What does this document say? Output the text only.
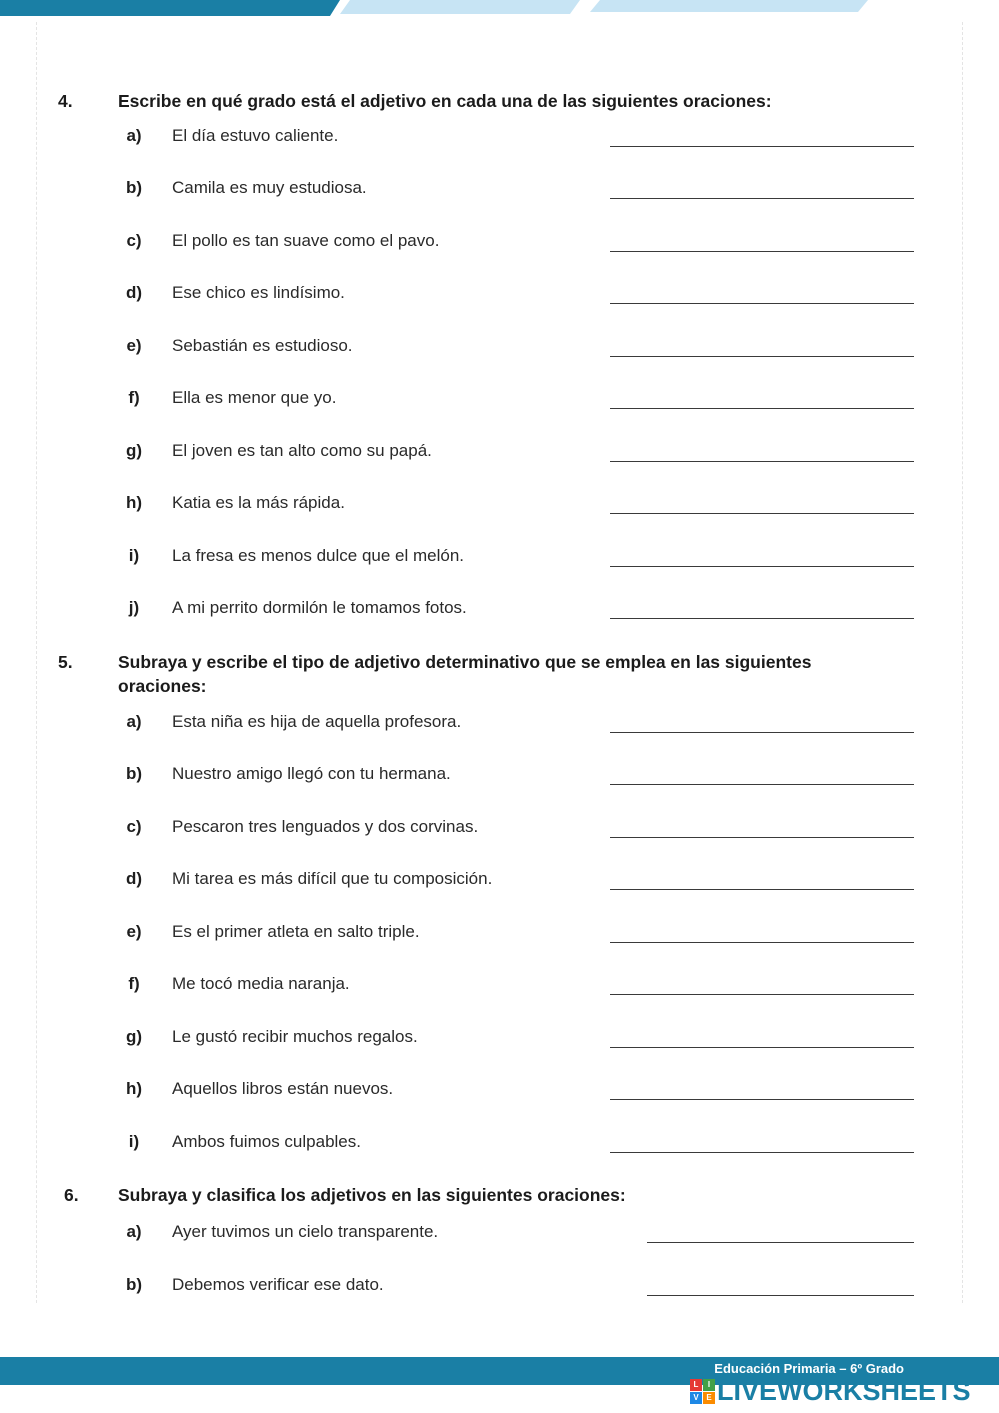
4.	Escribe en qué grado está el adjetivo en cada una de las siguientes oraciones:
a)	El día estuvo caliente.
b)	Camila es muy estudiosa.
c)	El pollo es tan suave como el pavo.
d)	Ese chico es lindísimo.
e)	Sebastián es estudioso.
f)	Ella es menor que yo.
g)	El joven es tan alto como su papá.
h)	Katia es la más rápida.
i)	La fresa es menos dulce que el melón.
j)	A mi perrito dormilón le tomamos fotos.
5.	Subraya y escribe el tipo de adjetivo determinativo que se emplea en las siguientes
oraciones:
a)	Esta niña es hija de aquella profesora.
b)	Nuestro amigo llegó con tu hermana.
c)	Pescaron tres lenguados y dos corvinas.
d)	Mi tarea es más difícil que tu composición.
e)	Es el primer atleta en salto triple.
f)	Me tocó media naranja.
g)	Le gustó recibir muchos regalos.
h)	Aquellos libros están nuevos.
i)	Ambos fuimos culpables.
6.	Subraya y clasifica los adjetivos en las siguientes oraciones:
a)	Ayer tuvimos un cielo transparente.
b)	Debemos verificar ese dato.
Educación Primaria – 6º Grado
L	I
V E LIVEWORKSHEETS
